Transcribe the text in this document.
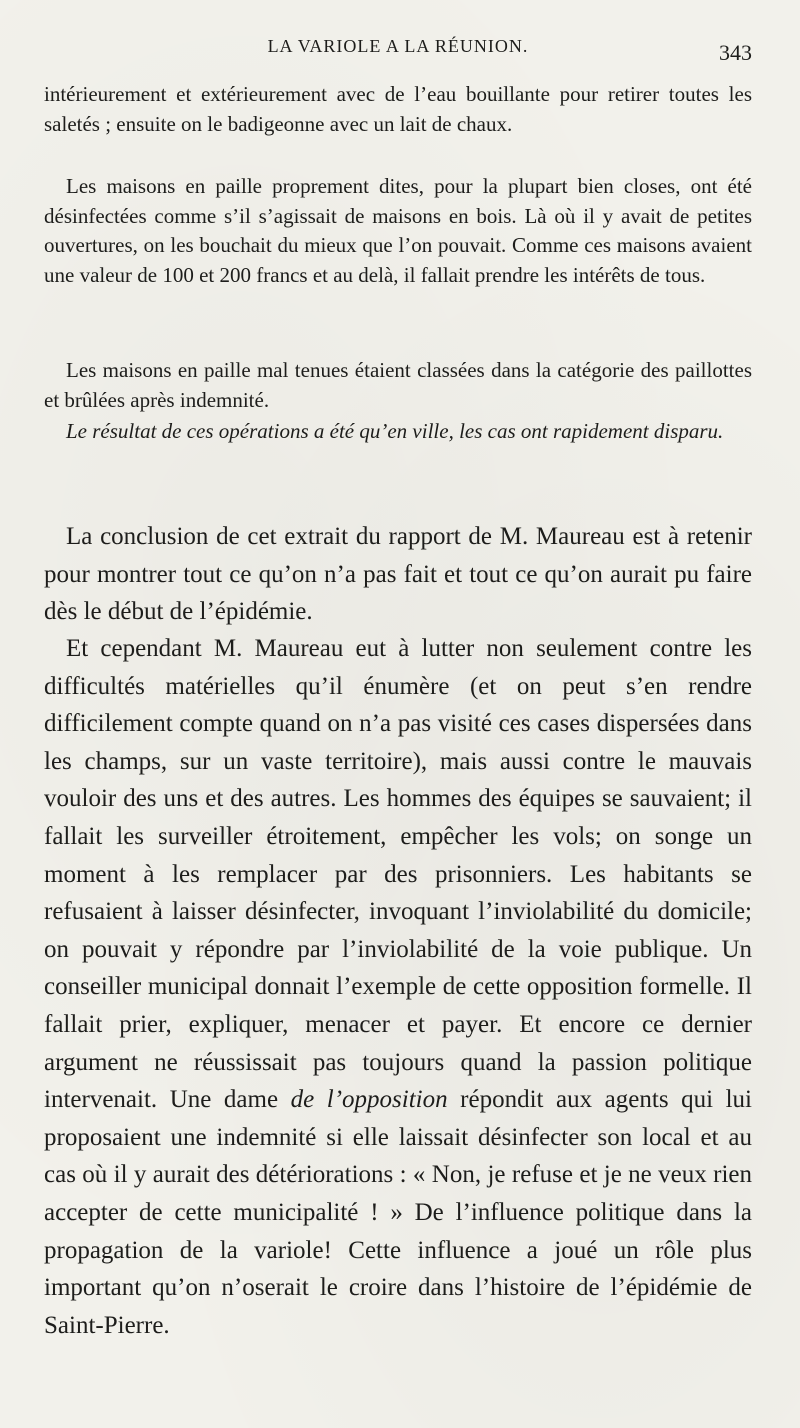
LA VARIOLE A LA RÉUNION.	343

intérieurement et extérieurement avec de l’eau bouillante pour retirer toutes les saletés ; ensuite on le badigeonne avec un lait de chaux.

Les maisons en paille proprement dites, pour la plupart bien closes, ont été désinfectées comme s’il s’agissait de maisons en bois. Là où il y avait de petites ouvertures, on les bouchait du mieux que l’on pouvait. Comme ces maisons avaient une valeur de 100 et 200 francs et au delà, il fallait prendre les intérêts de tous.

Les maisons en paille mal tenues étaient classées dans la catégorie des paillottes et brûlées après indemnité.

Le résultat de ces opérations a été qu’en ville, les cas ont rapidement disparu.

La conclusion de cet extrait du rapport de M. Maureau est à retenir pour montrer tout ce qu’on n’a pas fait et tout ce qu’on aurait pu faire dès le début de l’épidémie.

Et cependant M. Maureau eut à lutter non seulement contre les difficultés matérielles qu’il énumère (et on peut s’en rendre difficilement compte quand on n’a pas visité ces cases dispersées dans les champs, sur un vaste territoire), mais aussi contre le mauvais vouloir des uns et des autres. Les hommes des équipes se sauvaient; il fallait les surveiller étroitement, empêcher les vols; on songe un moment à les remplacer par des prisonniers. Les habitants se refusaient à laisser désinfecter, invoquant l’inviolabilité du domicile; on pouvait y répondre par l’inviolabilité de la voie publique. Un conseiller municipal donnait l’exemple de cette opposition formelle. Il fallait prier, expliquer, menacer et payer. Et encore ce dernier argument ne réussissait pas toujours quand la passion politique intervenait. Une dame de l’opposition répondit aux agents qui lui proposaient une indemnité si elle laissait désinfecter son local et au cas où il y aurait des détériorations : « Non, je refuse et je ne veux rien accepter de cette municipalité ! » De l’influence politique dans la propagation de la variole! Cette influence a joué un rôle plus important qu’on n’oserait le croire dans l’histoire de l’épidémie de Saint-Pierre.
